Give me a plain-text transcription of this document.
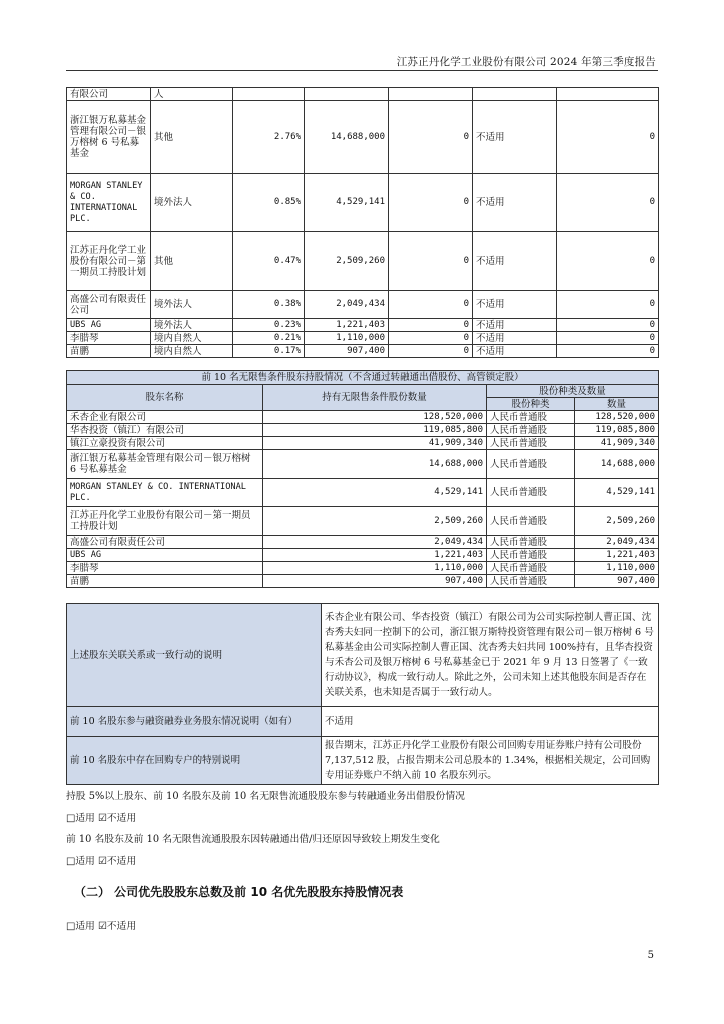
江苏正丹化学工业股份有限公司 2024 年第三季度报告
有限公司	人					
浙江银万私募基金管理有限公司－银万榕树 6 号私募基金	其他	2.76%	14,688,000	0	不适用	0
MORGAN STANLEY & CO. INTERNATIONAL PLC.	境外法人	0.85%	4,529,141	0	不适用	0
江苏正丹化学工业股份有限公司－第一期员工持股计划	其他	0.47%	2,509,260	0	不适用	0
高盛公司有限责任公司	境外法人	0.38%	2,049,434	0	不适用	0
UBS AG	境外法人	0.23%	1,221,403	0	不适用	0
李腊琴	境内自然人	0.21%	1,110,000	0	不适用	0
苗鹏	境内自然人	0.17%	907,400	0	不适用	0
前 10 名无限售条件股东持股情况（不含通过转融通出借股份、高管锁定股）			
股东名称	持有无限售条件股份数量	股份种类及数量	
		股份种类	数量
禾杏企业有限公司	128,520,000	人民币普通股	128,520,000
华杏投资（镇江）有限公司	119,085,800	人民币普通股	119,085,800
镇江立豪投资有限公司	41,909,340	人民币普通股	41,909,340
浙江银万私募基金管理有限公司－银万榕树 6 号私募基金	14,688,000	人民币普通股	14,688,000
MORGAN STANLEY & CO. INTERNATIONAL PLC.	4,529,141	人民币普通股	4,529,141
江苏正丹化学工业股份有限公司－第一期员工持股计划	2,509,260	人民币普通股	2,509,260
高盛公司有限责任公司	2,049,434	人民币普通股	2,049,434
UBS AG	1,221,403	人民币普通股	1,221,403
李腊琴	1,110,000	人民币普通股	1,110,000
苗鹏	907,400	人民币普通股	907,400
上述股东关联关系或一致行动的说明	禾杏企业有限公司、华杏投资（镇江）有限公司为公司实际控制人曹正国、沈杏秀夫妇同一控制下的公司，浙江银万斯特投资管理有限公司－银万榕树 6 号私募基金由公司实际控制人曹正国、沈杏秀夫妇共同 100%持有，且华杏投资与禾杏公司及银万榕树 6 号私募基金已于 2021 年 9 月 13 日签署了《一致行动协议》，构成一致行动人。除此之外，公司未知上述其他股东间是否存在关联关系，也未知是否属于一致行动人。
前 10 名股东参与融资融券业务股东情况说明（如有）	不适用
前 10 名股东中存在回购专户的特别说明	报告期末，江苏正丹化学工业股份有限公司回购专用证券账户持有公司股份 7,137,512 股，占报告期末公司总股本的 1.34%，根据相关规定，公司回购专用证券账户不纳入前 10 名股东列示。
持股 5%以上股东、前 10 名股东及前 10 名无限售流通股股东参与转融通业务出借股份情况
□适用 ☑不适用
前 10 名股东及前 10 名无限售流通股股东因转融通出借/归还原因导致较上期发生变化
□适用 ☑不适用
（二） 公司优先股股东总数及前 10 名优先股股东持股情况表
□适用 ☑不适用
5
